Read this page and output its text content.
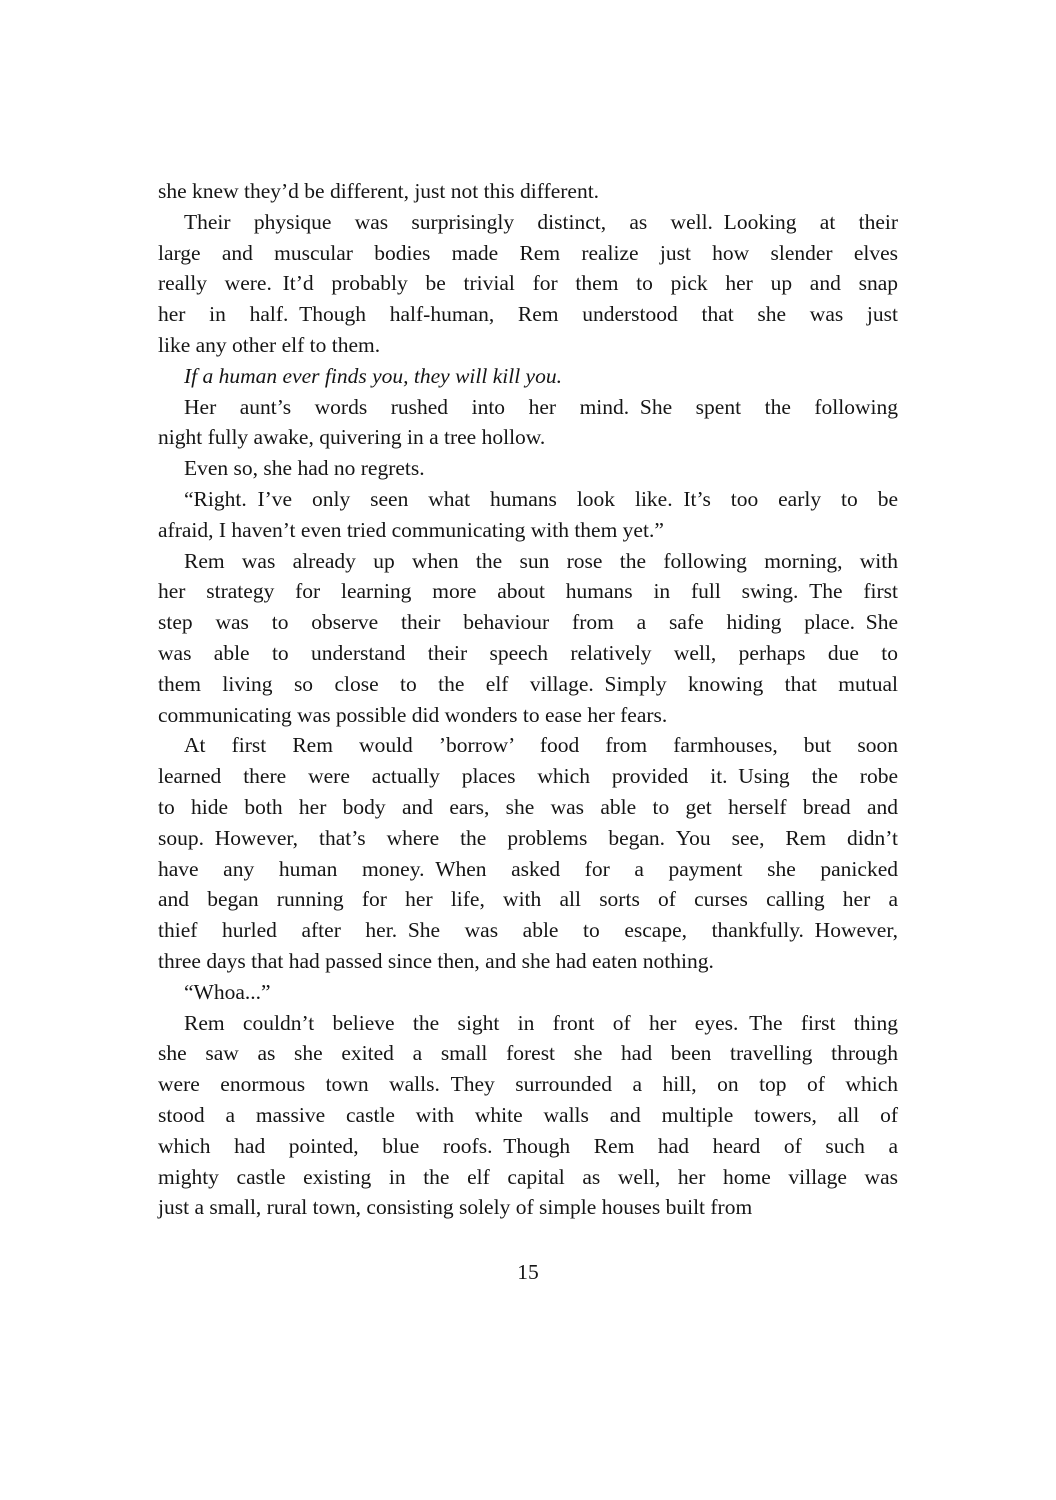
she knew they’d be different, just not this different.
Their physique was surprisingly distinct, as well. Looking at their
large and muscular bodies made Rem realize just how slender elves
really were. It’d probably be trivial for them to pick her up and snap
her in half. Though half-human, Rem understood that she was just
like any other elf to them.
If a human ever finds you, they will kill you.
Her aunt’s words rushed into her mind. She spent the following
night fully awake, quivering in a tree hollow.
Even so, she had no regrets.
“Right. I’ve only seen what humans look like. It’s too early to be
afraid, I haven’t even tried communicating with them yet.”
Rem was already up when the sun rose the following morning, with
her strategy for learning more about humans in full swing. The first
step was to observe their behaviour from a safe hiding place. She
was able to understand their speech relatively well, perhaps due to
them living so close to the elf village. Simply knowing that mutual
communicating was possible did wonders to ease her fears.
At first Rem would ’borrow’ food from farmhouses, but soon
learned there were actually places which provided it. Using the robe
to hide both her body and ears, she was able to get herself bread and
soup. However, that’s where the problems began. You see, Rem didn’t
have any human money. When asked for a payment she panicked
and began running for her life, with all sorts of curses calling her a
thief hurled after her. She was able to escape, thankfully. However,
three days that had passed since then, and she had eaten nothing.
“Whoa...”
Rem couldn’t believe the sight in front of her eyes. The first thing
she saw as she exited a small forest she had been travelling through
were enormous town walls. They surrounded a hill, on top of which
stood a massive castle with white walls and multiple towers, all of
which had pointed, blue roofs. Though Rem had heard of such a
mighty castle existing in the elf capital as well, her home village was
just a small, rural town, consisting solely of simple houses built from
15
